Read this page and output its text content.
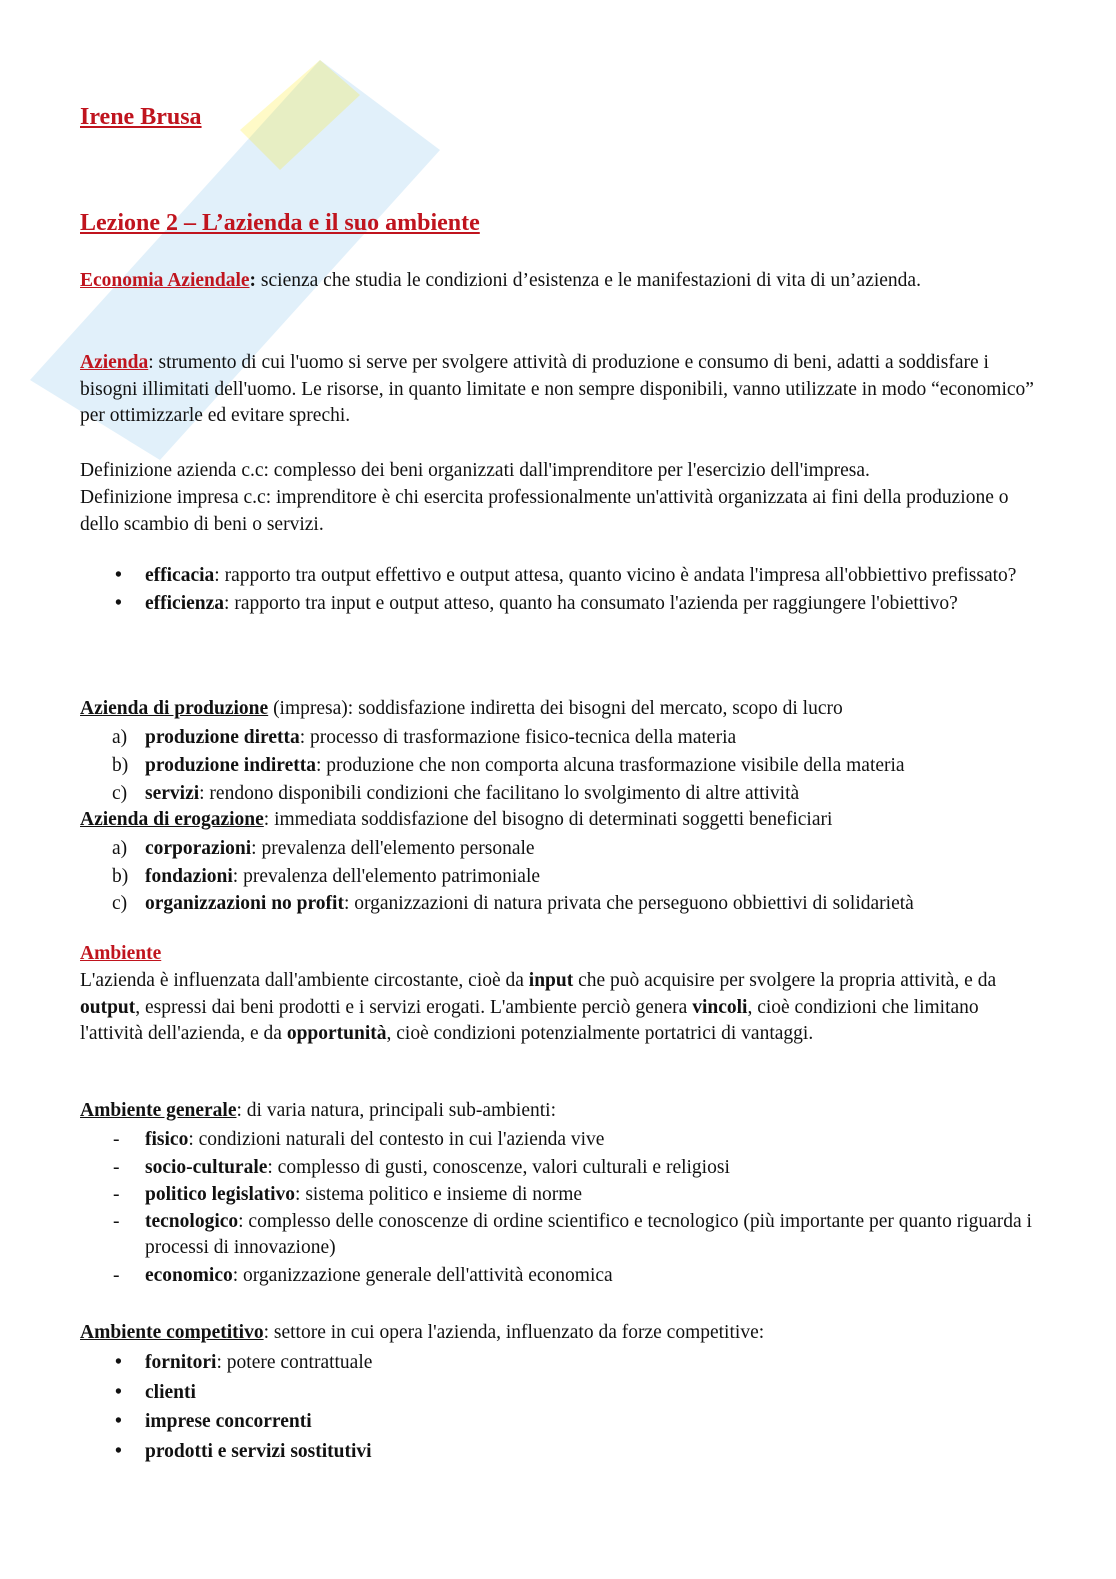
Irene Brusa

Lezione 2 – L’azienda e il suo ambiente

Economia Aziendale: scienza che studia le condizioni d’esistenza e le manifestazioni di vita di un’azienda.

Azienda: strumento di cui l'uomo si serve per svolgere attività di produzione e consumo di beni, adatti a soddisfare i bisogni illimitati dell'uomo. Le risorse, in quanto limitate e non sempre disponibili, vanno utilizzate in modo “economico” per ottimizzarle ed evitare sprechi.

Definizione azienda c.c: complesso dei beni organizzati dall'imprenditore per l'esercizio dell'impresa.

Definizione impresa c.c: imprenditore è chi esercita professionalmente un'attività organizzata ai fini della produzione o dello scambio di beni o servizi.

• efficacia: rapporto tra output effettivo e output attesa, quanto vicino è andata l'impresa all'obbiettivo prefissato?
• efficienza: rapporto tra input e output atteso, quanto ha consumato l'azienda per raggiungere l'obiettivo?

Azienda di produzione (impresa): soddisfazione indiretta dei bisogni del mercato, scopo di lucro

a) produzione diretta: processo di trasformazione fisico-tecnica della materia
b) produzione indiretta: produzione che non comporta alcuna trasformazione visibile della materia
c) servizi: rendono disponibili condizioni che facilitano lo svolgimento di altre attività

Azienda di erogazione: immediata soddisfazione del bisogno di determinati soggetti beneficiari

a) corporazioni: prevalenza dell'elemento personale
b) fondazioni: prevalenza dell'elemento patrimoniale
c) organizzazioni no profit: organizzazioni di natura privata che perseguono obbiettivi di solidarietà

Ambiente

L'azienda è influenzata dall'ambiente circostante, cioè da input che può acquisire per svolgere la propria attività, e da output, espressi dai beni prodotti e i servizi erogati. L'ambiente perciò genera vincoli, cioè condizioni che limitano l'attività dell'azienda, e da opportunità, cioè condizioni potenzialmente portatrici di vantaggi.

Ambiente generale: di varia natura, principali sub-ambienti:

- fisico: condizioni naturali del contesto in cui l'azienda vive
- socio-culturale: complesso di gusti, conoscenze, valori culturali e religiosi
- politico legislativo: sistema politico e insieme di norme
- tecnologico: complesso delle conoscenze di ordine scientifico e tecnologico (più importante per quanto riguarda i processi di innovazione)
- economico: organizzazione generale dell'attività economica

Ambiente competitivo: settore in cui opera l'azienda, influenzato da forze competitive:

• fornitori: potere contrattuale
• clienti
• imprese concorrenti
• prodotti e servizi sostitutivi
